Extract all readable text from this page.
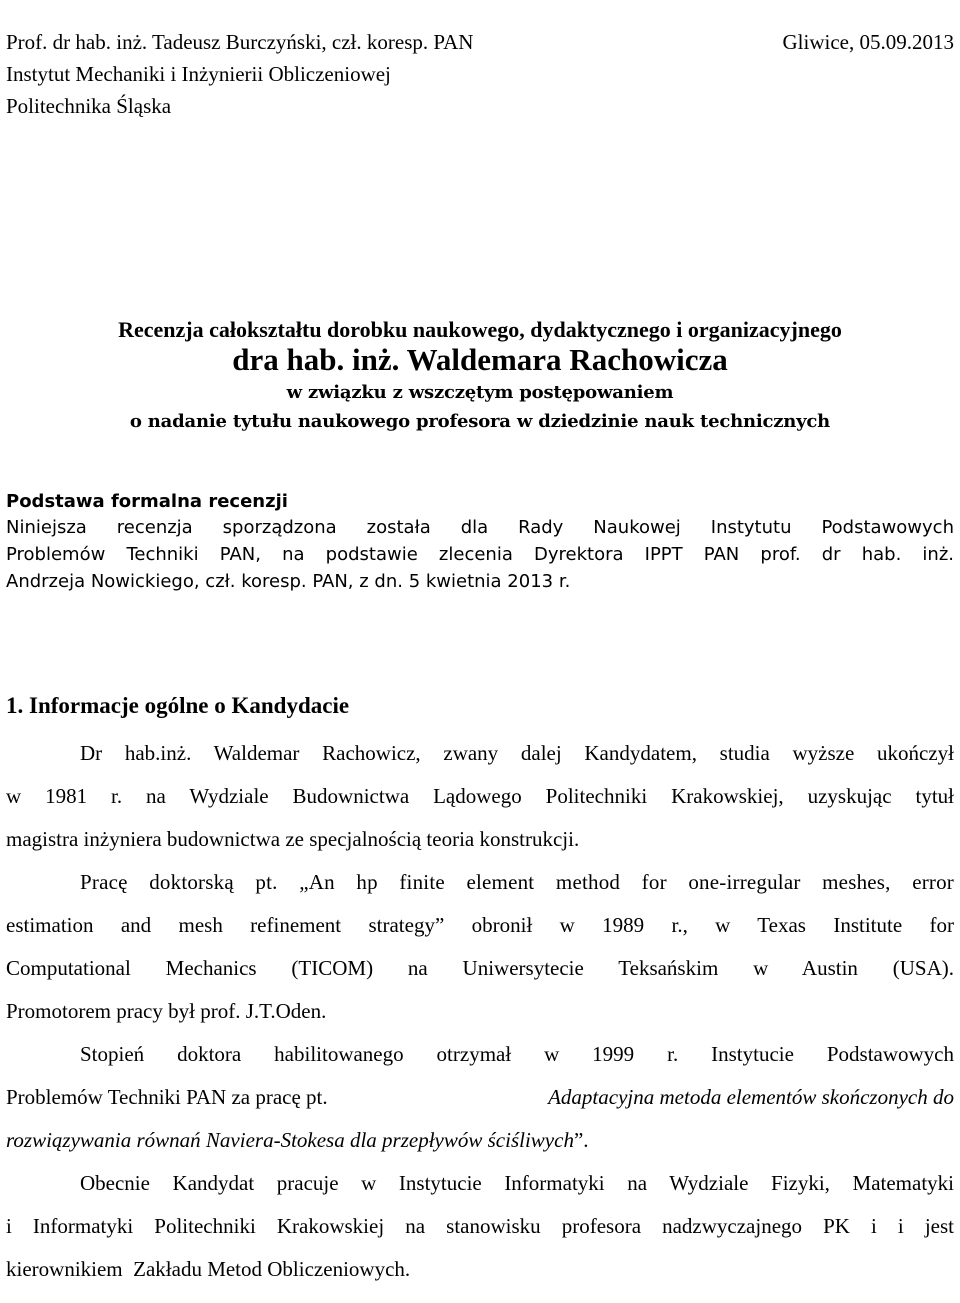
Prof. dr hab. inż. Tadeusz Burczyński, czł. koresp. PAN
Instytut Mechaniki i Inżynierii Obliczeniowej
Politechnika Śląska
Gliwice, 05.09.2013
Recenzja całokształtu dorobku naukowego, dydaktycznego i organizacyjnego
dra hab. inż. Waldemara Rachowicza
w związku z wszczętym postępowaniem
o nadanie tytułu naukowego profesora w dziedzinie nauk technicznych
Podstawa formalna recenzji
Niniejsza recenzja sporządzona została dla Rady Naukowej Instytutu Podstawowych
Problemów Techniki PAN, na podstawie zlecenia Dyrektora IPPT PAN prof. dr hab. inż.
Andrzeja Nowickiego, czł. koresp. PAN, z dn. 5 kwietnia 2013 r.
1. Informacje ogólne o Kandydacie
Dr hab.inż. Waldemar Rachowicz, zwany dalej Kandydatem, studia wyższe ukończył
w 1981 r. na Wydziale Budownictwa Lądowego Politechniki Krakowskiej, uzyskując tytuł
magistra inżyniera budownictwa ze specjalnością teoria konstrukcji.
Pracę doktorską pt. „An hp finite element method for one-irregular meshes, error
estimation and mesh refinement strategy” obronił w 1989 r., w Texas Institute for
Computational Mechanics (TICOM) na Uniwersytecie Teksańskim w Austin (USA).
Promotorem pracy był prof. J.T.Oden.
Stopień doktora habilitowanego otrzymał w 1999 r. Instytucie Podstawowych
Problemów Techniki PAN za pracę pt.	Adaptacyjna metoda elementów skończonych do
rozwiązywania równań Naviera-Stokesa dla przepływów ściśliwych”.
Obecnie Kandydat pracuje w Instytucie Informatyki na Wydziale Fizyki, Matematyki
i Informatyki Politechniki Krakowskiej na stanowisku profesora nadzwyczajnego PK i i jest
kierownikiem  Zakładu Metod Obliczeniowych.
